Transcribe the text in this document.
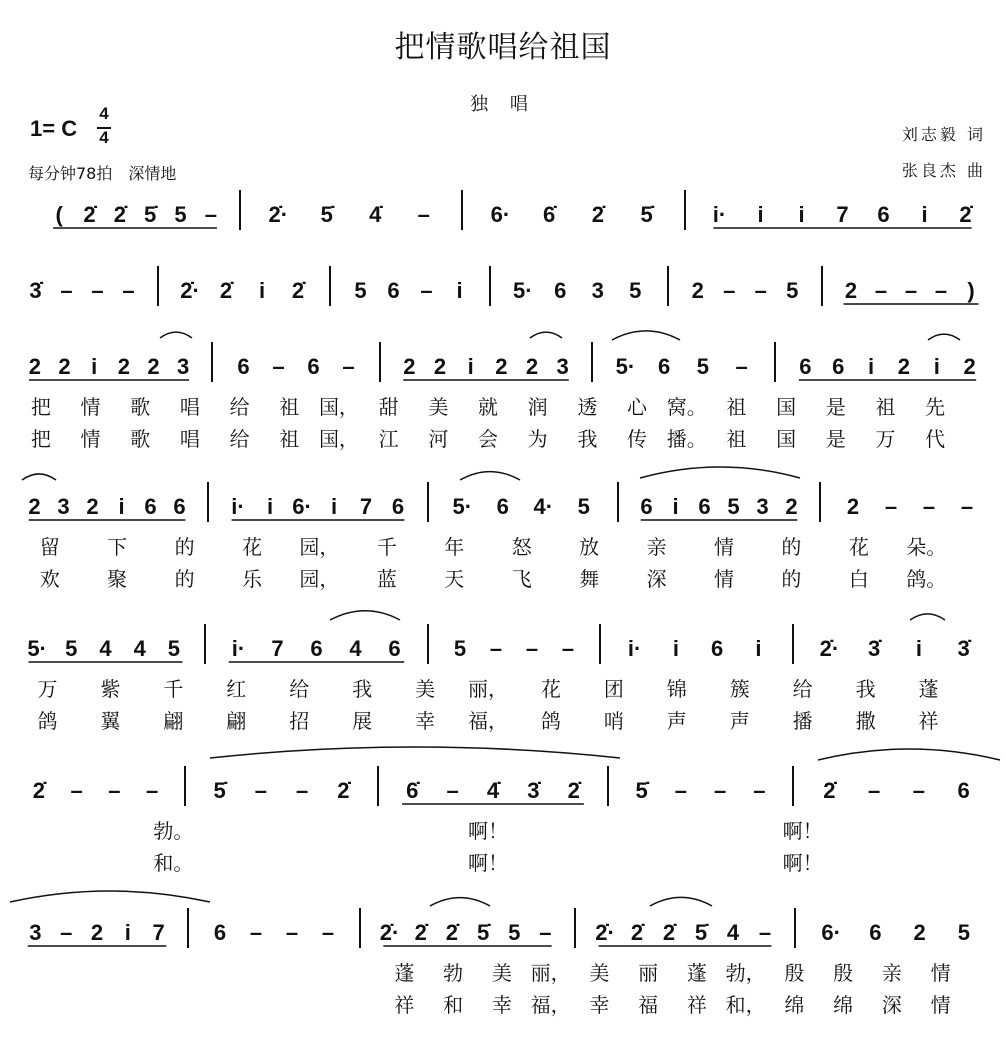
把情歌唱给祖国
独 唱
1= C
4
4
每分钟78拍　深情地
刘志毅 词
张良杰 曲
( 2̇ 2̇ 5̇ 5 – 2̇· 5̇ 4̇ –	6· 6̇ 2̇ 5̇	i· i i 7 6 i 2̇
3̇ – – – 2̇· 2̇ i 2̇ 5 6 – i 5· 6 3 5 2 – – 5 2 – – – )
2 2 i 2 2 3 6 – 6 – 2 2 i 2 2 3 5· 6 5 – 6 6 i 2 i 2
把 情 歌 唱 给 祖 国， 甜 美 就 润 透 心 窝。 祖 国 是 祖 先
把 情 歌 唱 给 祖 国， 江 河 会 为 我 传 播。 祖 国 是 万 代
2 3 2 i 6 6 i· i 6· i 7 6 5· 6 4· 5 6 i 6 5 3 2 2 – – –
留 下 的 花 园， 千 年 怒 放 亲 情 的 花 朵。
欢 聚 的 乐 园， 蓝 天 飞 舞 深 情 的 白 鸽。
5· 5 4 4 5 i· 7 6 4 6 5 – – – i· i 6 i	2̇· 3̇ i 3̇
万 紫 千 红 给 我 美 丽， 花 团 锦 簇 给 我 蓬
鸽 翼 翩 翩 招 展 幸 福， 鸽 哨 声 声 播 撒 祥
2̇ – – –	5̇ – – 2̇	6̇ – 4̇ 3̇ 2̇	5̇ – – –	2̇ – – 6
勃。	啊！	啊！
和。	啊！	啊！
3 – 2 i 7 6 – – – 2̇· 2̇ 2̇ 5̇ 5 – 2̇· 2̇ 2̇ 5̇ 4 – 6· 6 2 5
蓬 勃 美 丽， 美 丽 蓬 勃， 殷 殷 亲 情
祥 和 幸 福， 幸 福 祥 和， 绵 绵 深 情
